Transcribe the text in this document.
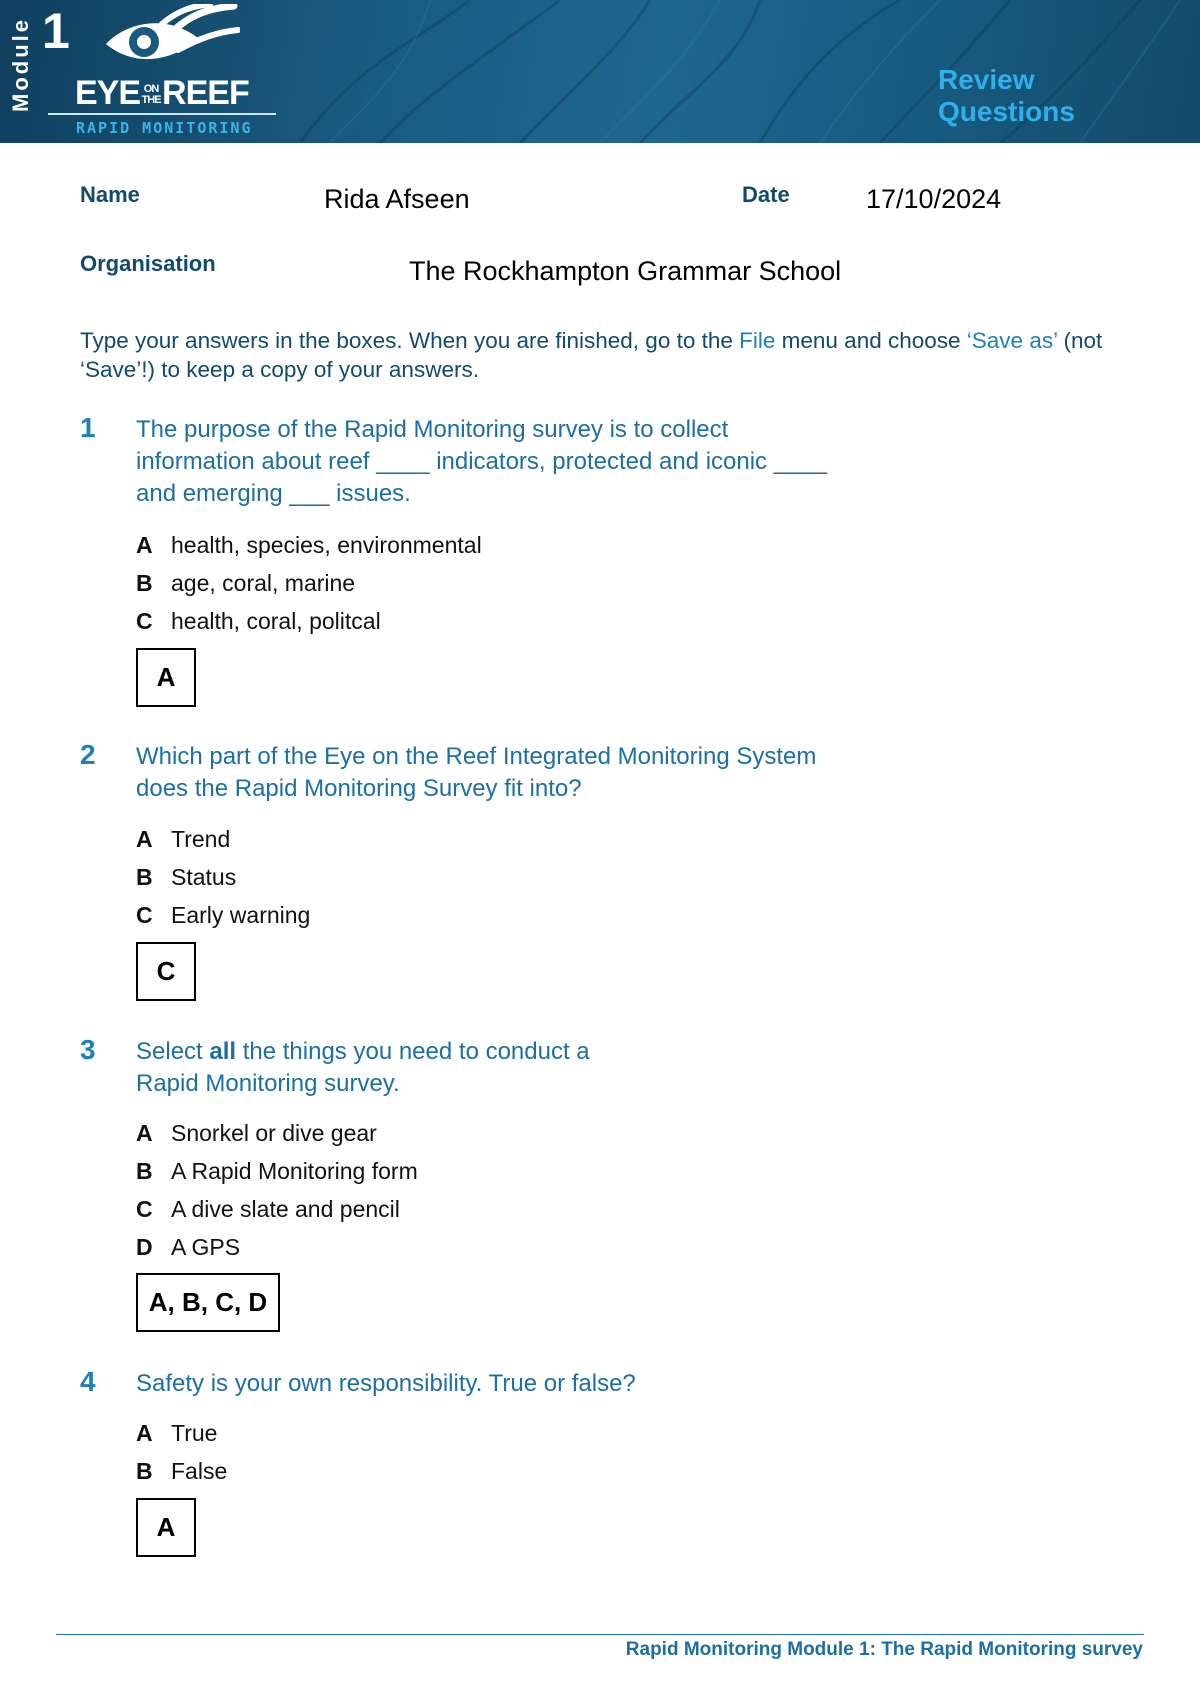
Module 1
EYE ON
THEREEF
RAPID MONITORING
Review
Questions
Name	Rida Afseen	Date	17/10/2024
Organisation	The Rockhampton Grammar School
Type your answers in the boxes. When you are finished, go to the File menu and choose ‘Save as’ (not ‘Save’!) to keep a copy of your answers.
1 The purpose of the Rapid Monitoring survey is to collect
information about reef ____ indicators, protected and iconic ____
and emerging ___ issues.
A health, species, environmental
B age, coral, marine
C health, coral, politcal
A
2 Which part of the Eye on the Reef Integrated Monitoring System
does the Rapid Monitoring Survey fit into?
A Trend
B Status
C Early warning
C
3 Select all the things you need to conduct a
Rapid Monitoring survey.
A Snorkel or dive gear
B A Rapid Monitoring form
C A dive slate and pencil
D A GPS
A, B, C, D
4 Safety is your own responsibility. True or false?
A True
B False
A
Rapid Monitoring Module 1: The Rapid Monitoring survey
